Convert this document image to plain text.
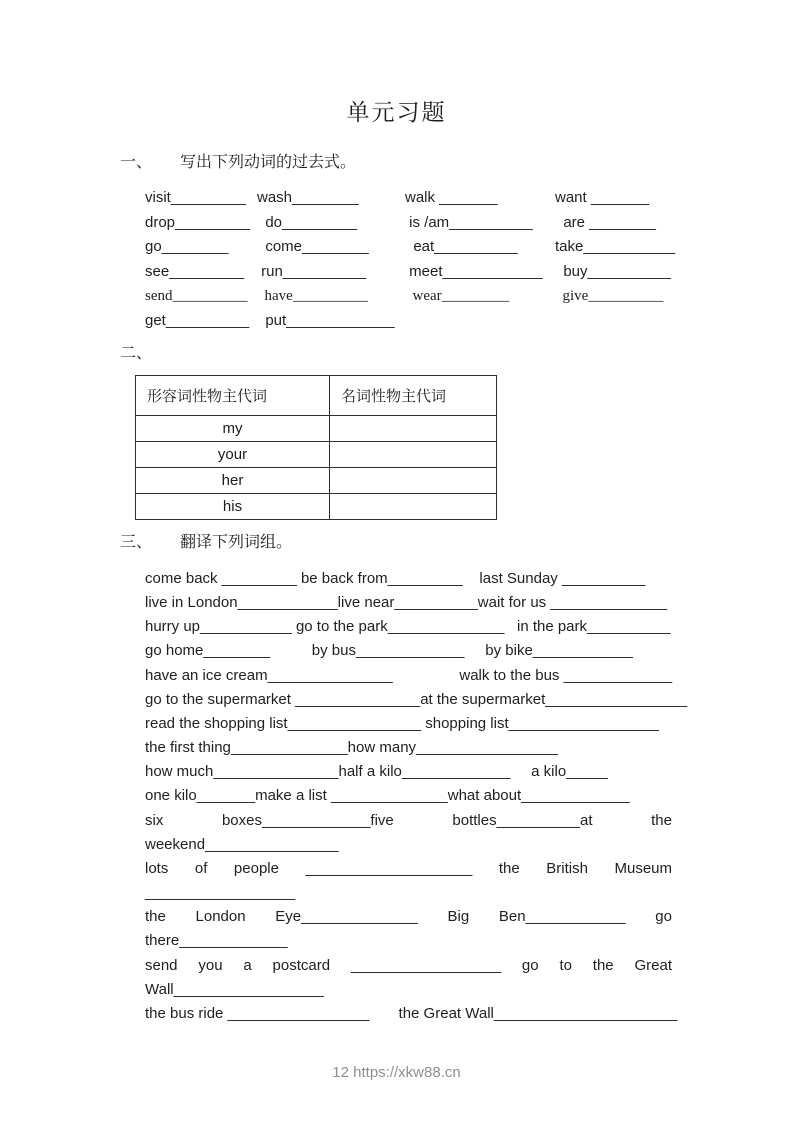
单元习题
一、 写出下列动词的过去式。
visit_________ wash________	walk _______	want _______
drop_________ do_________	is /am__________	are ________
go________	come________	eat__________	take___________
see_________ run__________	meet____________ buy__________
send__________ have__________	wear_________	give__________
get__________ put_____________
二、
形容词性物主代词	名词性物主代词
my	
your	
her	
his	
三、 翻译下列词组。
come back _________ be back from_________    last Sunday __________
live in London____________live near__________wait for us ______________
hurry up___________ go to the park______________   in the park__________
go home________          by bus_____________     by bike____________
have an ice cream_______________                walk to the bus _____________
go to the supermarket _______________at the supermarket_________________
read the shopping list________________ shopping list__________________
the first thing______________how many_________________
how much_______________half a kilo_____________     a kilo_____
one kilo_______make a list ______________what about_____________
six boxes_____________five bottles__________at the
weekend________________
lots of people ____________________ the British Museum
__________________
the London Eye______________ Big Ben____________ go
there_____________
send you a postcard __________________ go to the Great
Wall__________________
the bus ride _________________       the Great Wall______________________
12 https://xkw88.cn
